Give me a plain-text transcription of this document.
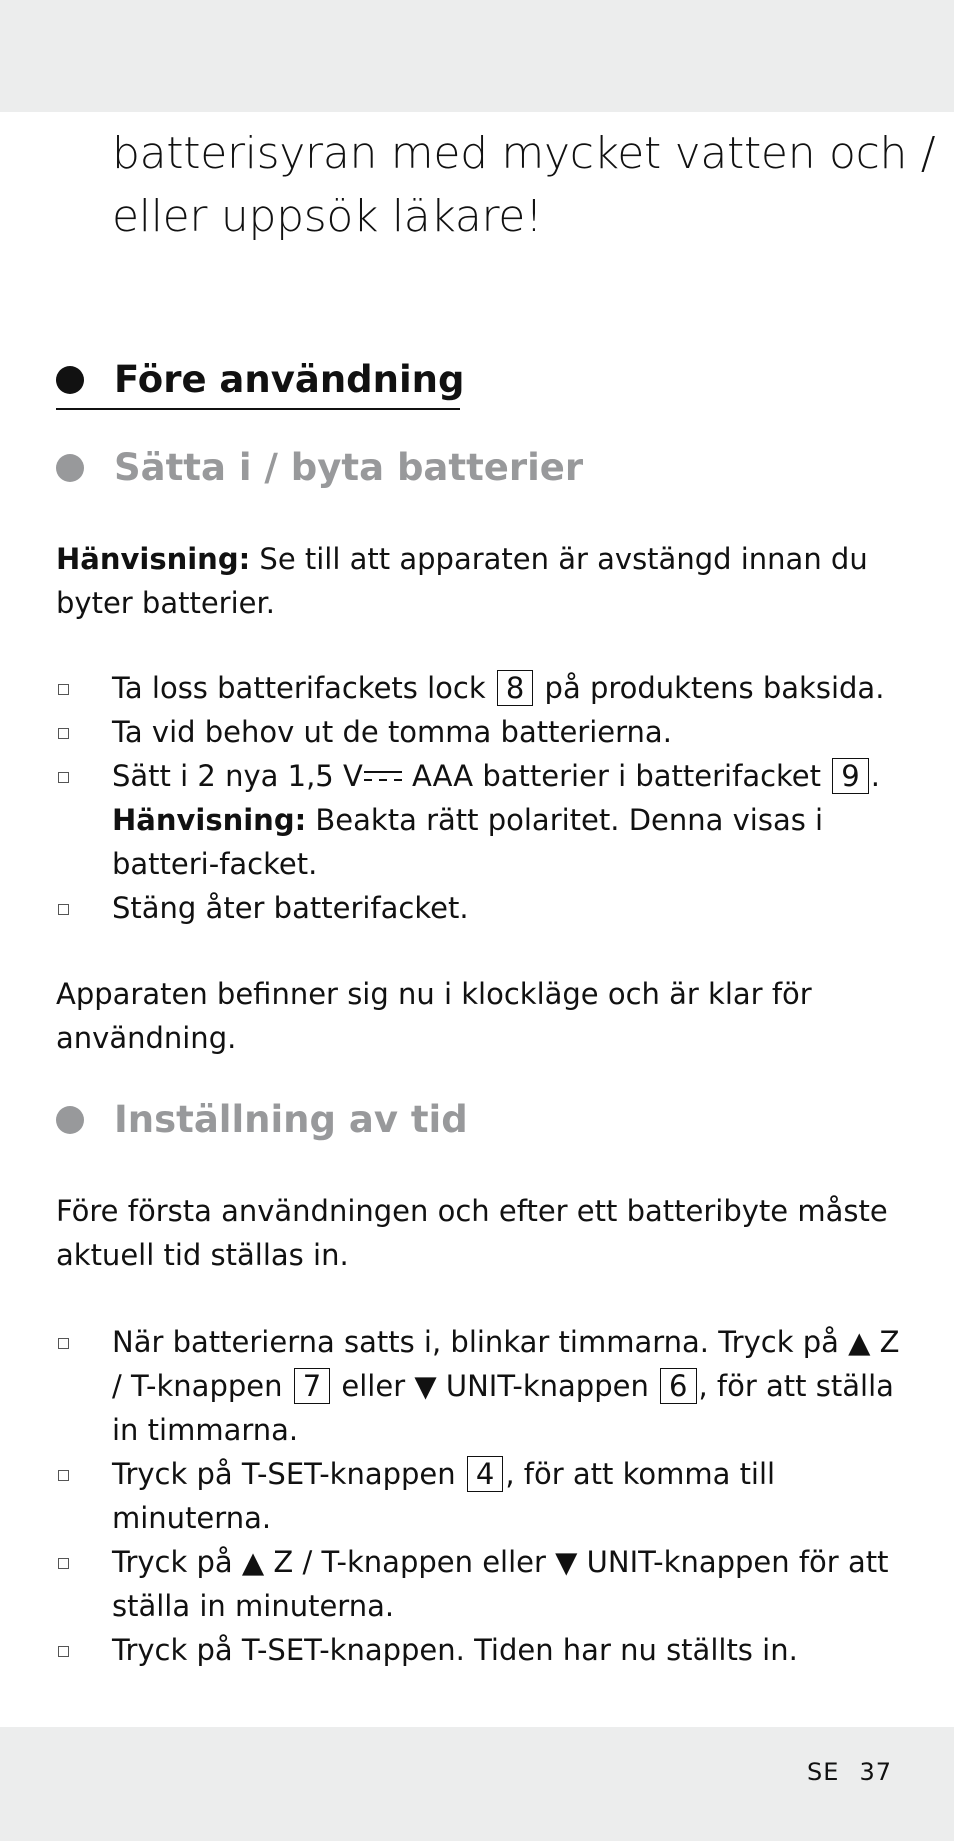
batterisyran med mycket vatten och /
eller uppsök läkare!
Före användning
Sätta i / byta batterier
Hänvisning: Se till att apparaten är avstängd innan du byter batterier.
Ta loss batterifackets lock 8 på produktens baksida.
Ta vid behov ut de tomma batterierna.
Sätt i 2 nya 1,5 V AAA batterier i batterifacket 9 .
Hänvisning: Beakta rätt polaritet. Denna visas i batteri-facket.
Stäng åter batterifacket.
Apparaten befinner sig nu i klockläge och är klar för användning.
Inställning av tid
Före första användningen och efter ett batteribyte måste aktuell tid ställas in.
När batterierna satts i, blinkar timmarna. Tryck på ▲ Z / T-knappen 7 eller ▼ UNIT-knappen 6 , för att ställa in timmarna.
Tryck på T-SET-knappen 4 , för att komma till minuterna.
Tryck på ▲ Z / T-knappen eller ▼ UNIT-knappen för att ställa in minuterna.
Tryck på T-SET-knappen. Tiden har nu ställts in.
SE 37
